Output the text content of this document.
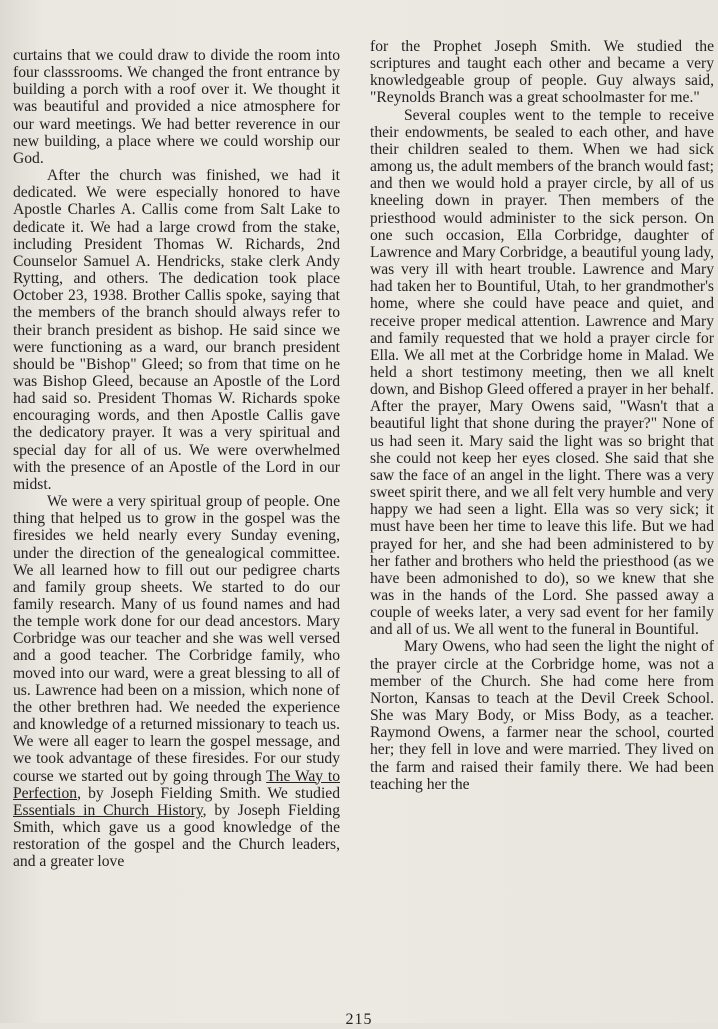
curtains that we could draw to divide the room into four classsrooms. We changed the front entrance by building a porch with a roof over it. We thought it was beautiful and provided a nice atmosphere for our ward meetings. We had better reverence in our new building, a place where we could worship our God.

After the church was finished, we had it dedicated. We were especially honored to have Apostle Charles A. Callis come from Salt Lake to dedicate it. We had a large crowd from the stake, including President Thomas W. Richards, 2nd Counselor Samuel A. Hendricks, stake clerk Andy Rytting, and others. The dedication took place October 23, 1938. Brother Callis spoke, saying that the members of the branch should always refer to their branch president as bishop. He said since we were functioning as a ward, our branch president should be "Bishop" Gleed; so from that time on he was Bishop Gleed, because an Apostle of the Lord had said so. President Thomas W. Richards spoke encouraging words, and then Apostle Callis gave the dedicatory prayer. It was a very spiritual and special day for all of us. We were overwhelmed with the presence of an Apostle of the Lord in our midst.

We were a very spiritual group of people. One thing that helped us to grow in the gospel was the firesides we held nearly every Sunday evening, under the direction of the genealogical committee. We all learned how to fill out our pedigree charts and family group sheets. We started to do our family research. Many of us found names and had the temple work done for our dead ancestors. Mary Corbridge was our teacher and she was well versed and a good teacher. The Corbridge family, who moved into our ward, were a great blessing to all of us. Lawrence had been on a mission, which none of the other brethren had. We needed the experience and knowledge of a returned missionary to teach us. We were all eager to learn the gospel message, and we took advantage of these firesides. For our study course we started out by going through The Way to Perfection, by Joseph Fielding Smith. We studied Essentials in Church History, by Joseph Fielding Smith, which gave us a good knowledge of the restoration of the gospel and the Church leaders, and a greater love

for the Prophet Joseph Smith. We studied the scriptures and taught each other and became a very knowledgeable group of people. Guy always said, "Reynolds Branch was a great schoolmaster for me."

Several couples went to the temple to receive their endowments, be sealed to each other, and have their children sealed to them. When we had sick among us, the adult members of the branch would fast; and then we would hold a prayer circle, by all of us kneeling down in prayer. Then members of the priesthood would administer to the sick person. On one such occasion, Ella Corbridge, daughter of Lawrence and Mary Corbridge, a beautiful young lady, was very ill with heart trouble. Lawrence and Mary had taken her to Bountiful, Utah, to her grandmother's home, where she could have peace and quiet, and receive proper medical attention. Lawrence and Mary and family requested that we hold a prayer circle for Ella. We all met at the Corbridge home in Malad. We held a short testimony meeting, then we all knelt down, and Bishop Gleed offered a prayer in her behalf. After the prayer, Mary Owens said, "Wasn't that a beautiful light that shone during the prayer?" None of us had seen it. Mary said the light was so bright that she could not keep her eyes closed. She said that she saw the face of an angel in the light. There was a very sweet spirit there, and we all felt very humble and very happy we had seen a light. Ella was so very sick; it must have been her time to leave this life. But we had prayed for her, and she had been administered to by her father and brothers who held the priesthood (as we have been admonished to do), so we knew that she was in the hands of the Lord. She passed away a couple of weeks later, a very sad event for her family and all of us. We all went to the funeral in Bountiful.

Mary Owens, who had seen the light the night of the prayer circle at the Corbridge home, was not a member of the Church. She had come here from Norton, Kansas to teach at the Devil Creek School. She was Mary Body, or Miss Body, as a teacher. Raymond Owens, a farmer near the school, courted her; they fell in love and were married. They lived on the farm and raised their family there. We had been teaching her the

215
